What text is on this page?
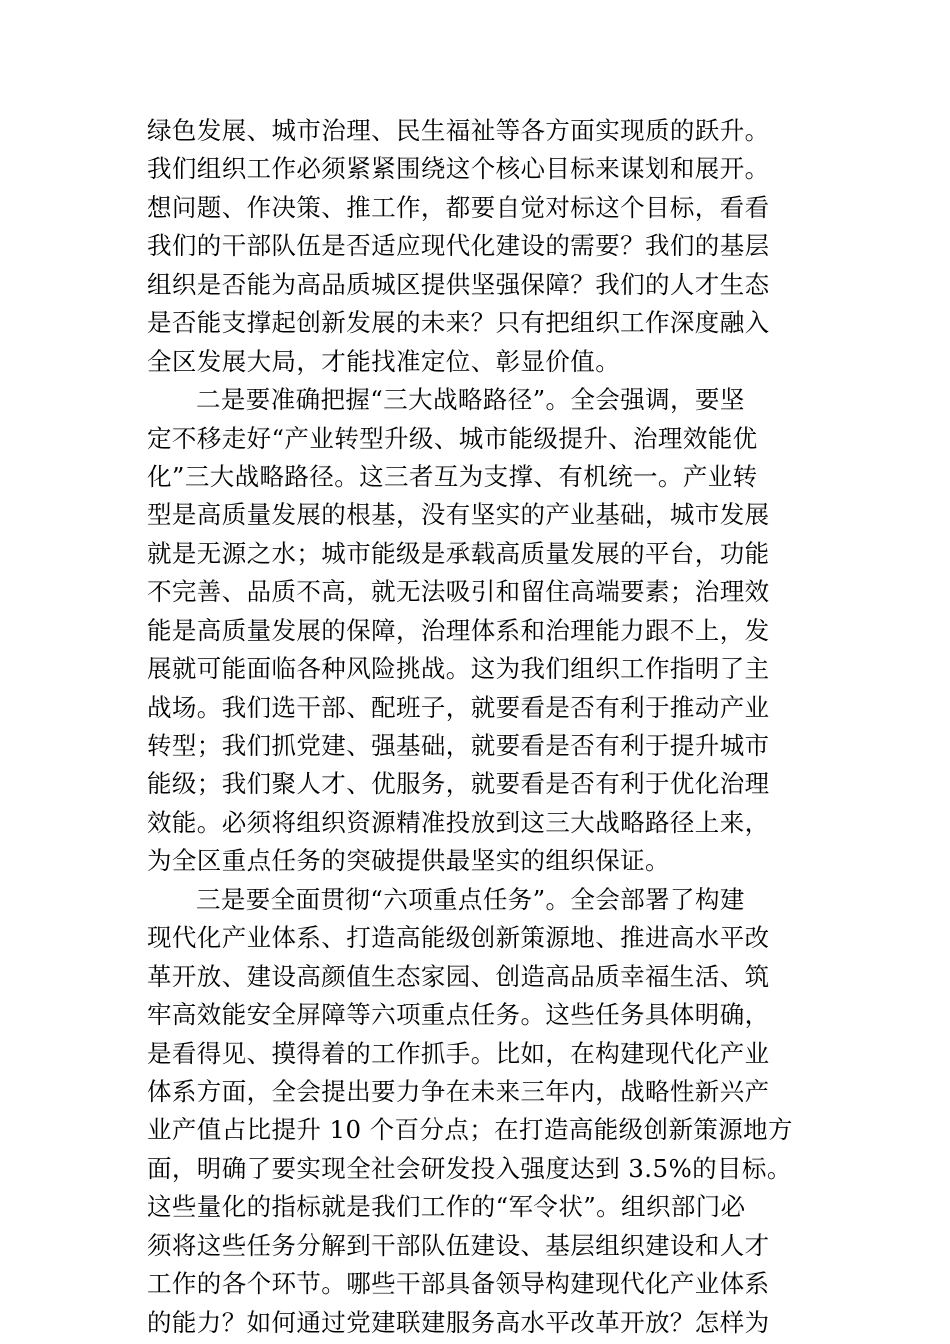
绿色发展、城市治理、民生福祉等各方面实现质的跃升。
我们组织工作必须紧紧围绕这个核心目标来谋划和展开。
想问题、作决策、推工作，都要自觉对标这个目标，看看
我们的干部队伍是否适应现代化建设的需要？我们的基层
组织是否能为高品质城区提供坚强保障？我们的人才生态
是否能支撑起创新发展的未来？只有把组织工作深度融入
全区发展大局，才能找准定位、彰显价值。
二是要准确把握“三大战略路径”。全会强调，要坚
定不移走好“产业转型升级、城市能级提升、治理效能优
化”三大战略路径。这三者互为支撑、有机统一。产业转
型是高质量发展的根基，没有坚实的产业基础，城市发展
就是无源之水；城市能级是承载高质量发展的平台，功能
不完善、品质不高，就无法吸引和留住高端要素；治理效
能是高质量发展的保障，治理体系和治理能力跟不上，发
展就可能面临各种风险挑战。这为我们组织工作指明了主
战场。我们选干部、配班子，就要看是否有利于推动产业
转型；我们抓党建、强基础，就要看是否有利于提升城市
能级；我们聚人才、优服务，就要看是否有利于优化治理
效能。必须将组织资源精准投放到这三大战略路径上来，
为全区重点任务的突破提供最坚实的组织保证。
三是要全面贯彻“六项重点任务”。全会部署了构建
现代化产业体系、打造高能级创新策源地、推进高水平改
革开放、建设高颜值生态家园、创造高品质幸福生活、筑
牢高效能安全屏障等六项重点任务。这些任务具体明确，
是看得见、摸得着的工作抓手。比如，在构建现代化产业
体系方面，全会提出要力争在未来三年内，战略性新兴产
业产值占比提升 10 个百分点；在打造高能级创新策源地方
面，明确了要实现全社会研发投入强度达到 3.5%的目标。
这些量化的指标就是我们工作的“军令状”。组织部门必
须将这些任务分解到干部队伍建设、基层组织建设和人才
工作的各个环节。哪些干部具备领导构建现代化产业体系
的能力？如何通过党建联建服务高水平改革开放？怎样为
